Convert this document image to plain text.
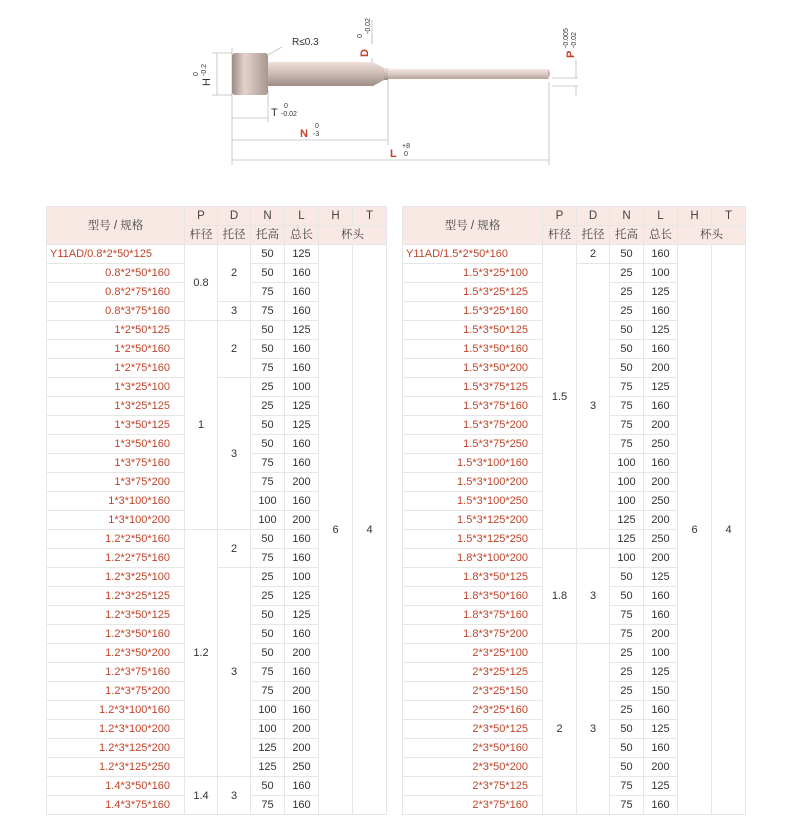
R≤0.3
D
0
-0.02
P
-0.005 -0.02
H
0 -0.2
T
0
-0.02
N
0
-3
L
+8
0
型号 / 规格	P	D	N	L	H	T
	杆径	托径	托高	总长	杯头	
Y11AD/0.8*2*50*125	0.8	2	50	125	6	4
0.8*2*50*160			50	160		
0.8*2*75*160			75	160		
0.8*3*75*160		3	75	160		
1*2*50*125	1	2	50	125		
1*2*50*160			50	160		
1*2*75*160			75	160		
1*3*25*100		3	25	100		
1*3*25*125			25	125		
1*3*50*125			50	125		
1*3*50*160			50	160		
1*3*75*160			75	160		
1*3*75*200			75	200		
1*3*100*160			100	160		
1*3*100*200			100	200		
1.2*2*50*160	1.2	2	50	160		
1.2*2*75*160			75	160		
1.2*3*25*100		3	25	100		
1.2*3*25*125			25	125		
1.2*3*50*125			50	125		
1.2*3*50*160			50	160		
1.2*3*50*200			50	200		
1.2*3*75*160			75	160		
1.2*3*75*200			75	200		
1.2*3*100*160			100	160		
1.2*3*100*200			100	200		
1.2*3*125*200			125	200		
1.2*3*125*250			125	250		
1.4*3*50*160	1.4	3	50	160		
1.4*3*75*160			75	160		
型号 / 规格	P	D	N	L	H	T
	杆径	托径	托高	总长	杯头	
Y11AD/1.5*2*50*160	1.5	2	50	160	6	4
1.5*3*25*100		3	25	100		
1.5*3*25*125			25	125		
1.5*3*25*160			25	160		
1.5*3*50*125			50	125		
1.5*3*50*160			50	160		
1.5*3*50*200			50	200		
1.5*3*75*125			75	125		
1.5*3*75*160			75	160		
1.5*3*75*200			75	200		
1.5*3*75*250			75	250		
1.5*3*100*160			100	160		
1.5*3*100*200			100	200		
1.5*3*100*250			100	250		
1.5*3*125*200			125	200		
1.5*3*125*250			125	250		
1.8*3*100*200	1.8	3	100	200		
1.8*3*50*125			50	125		
1.8*3*50*160			50	160		
1.8*3*75*160			75	160		
1.8*3*75*200			75	200		
2*3*25*100	2	3	25	100		
2*3*25*125			25	125		
2*3*25*150			25	150		
2*3*25*160			25	160		
2*3*50*125			50	125		
2*3*50*160			50	160		
2*3*50*200			50	200		
2*3*75*125			75	125		
2*3*75*160			75	160		
